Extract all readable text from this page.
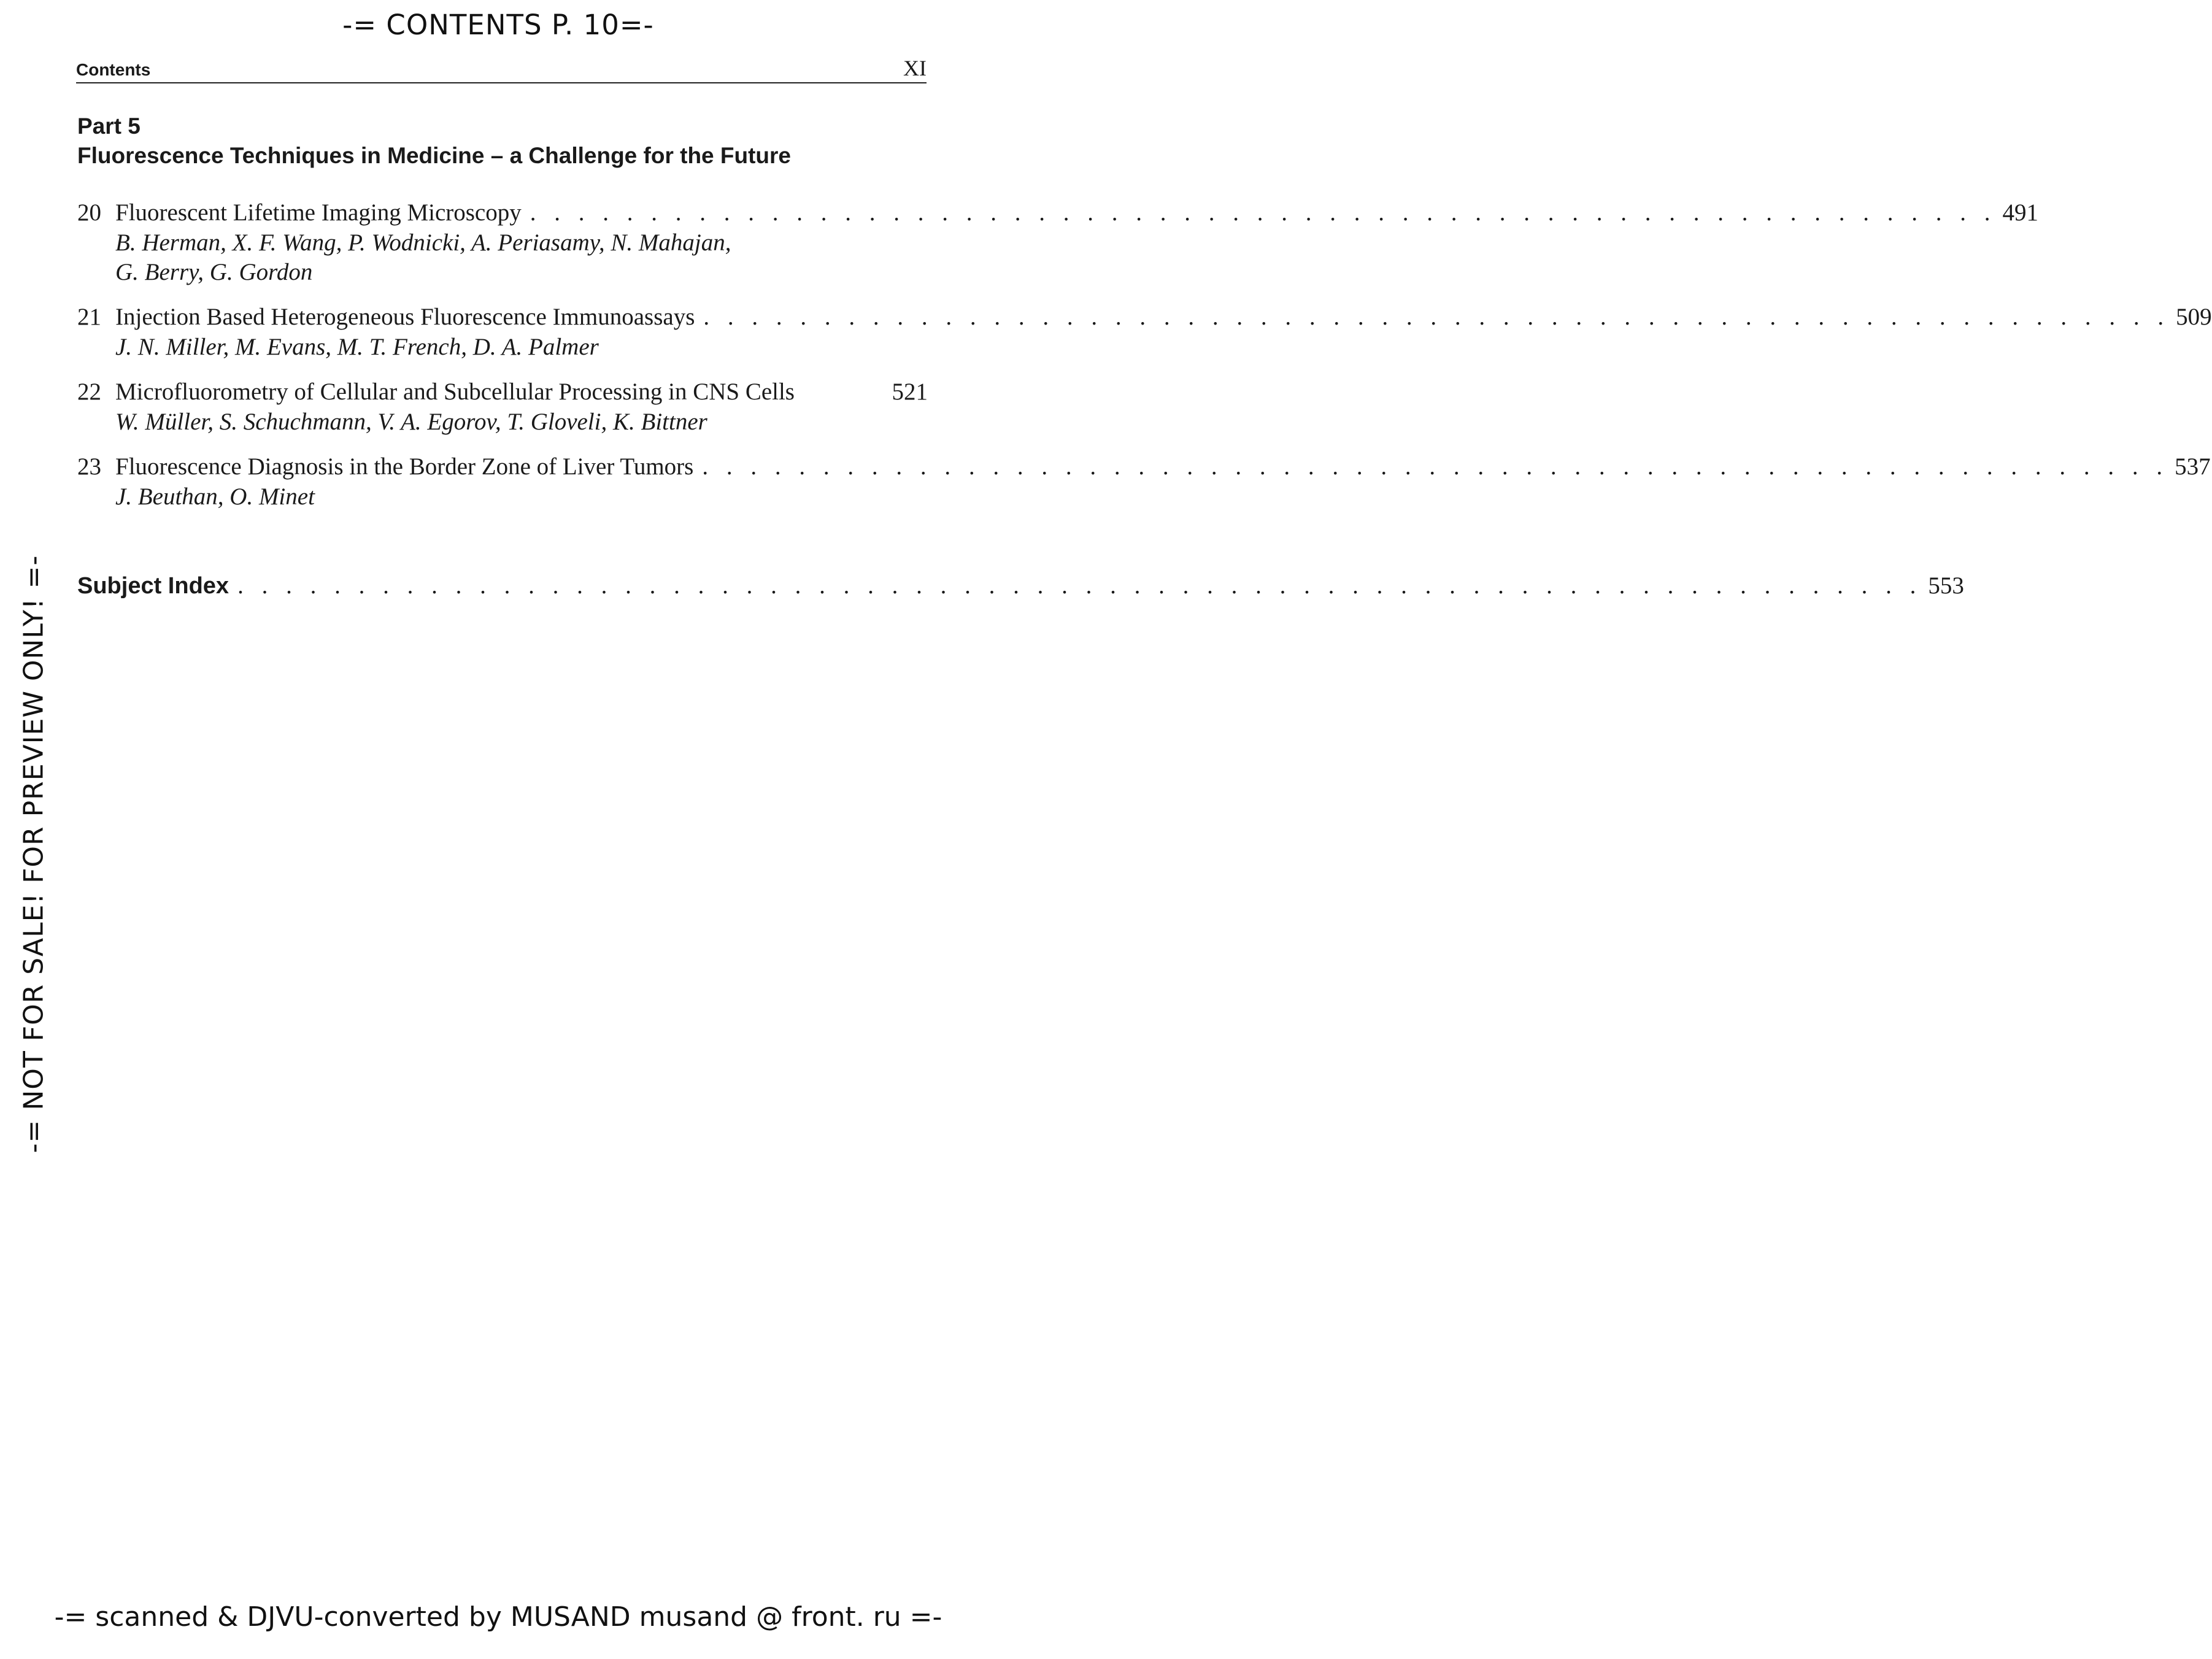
-= CONTENTS P. 10=-
-= NOT FOR SALE! FOR PREVIEW ONLY! =-
Contents	XI
Part 5
Fluorescence Techniques in Medicine – a Challenge for the Future
20 Fluorescent Lifetime Imaging Microscopy . . . . . . . . . . . . . . . . . . . . . . . . . . . . . . . . . . . . . . . . . . . . . . . . . . . . . . . . . . . . . 491
B. Herman, X. F. Wang, P. Wodnicki, A. Periasamy, N. Mahajan,
G. Berry, G. Gordon
21 Injection Based Heterogeneous Fluorescence Immunoassays . . . . . . . . . . . . . . . . . . . . . . . . . . . . . . . . . . . . . . . . . . . . . . . . . . . . . . . . . . . . . 509
J. N. Miller, M. Evans, M. T. French, D. A. Palmer
22 Microfluorometry of Cellular and Subcellular Processing in CNS Cells	521
W. Müller, S. Schuchmann, V. A. Egorov, T. Gloveli, K. Bittner
23 Fluorescence Diagnosis in the Border Zone of Liver Tumors . . . . . . . . . . . . . . . . . . . . . . . . . . . . . . . . . . . . . . . . . . . . . . . . . . . . . . . . . . . . . 537
J. Beuthan, O. Minet
Subject Index . . . . . . . . . . . . . . . . . . . . . . . . . . . . . . . . . . . . . . . . . . . . . . . . . . . . . . . . . . . . . . . . . . . . . . 553
-= scanned & DJVU-converted by MUSAND musand @ front. ru =-
